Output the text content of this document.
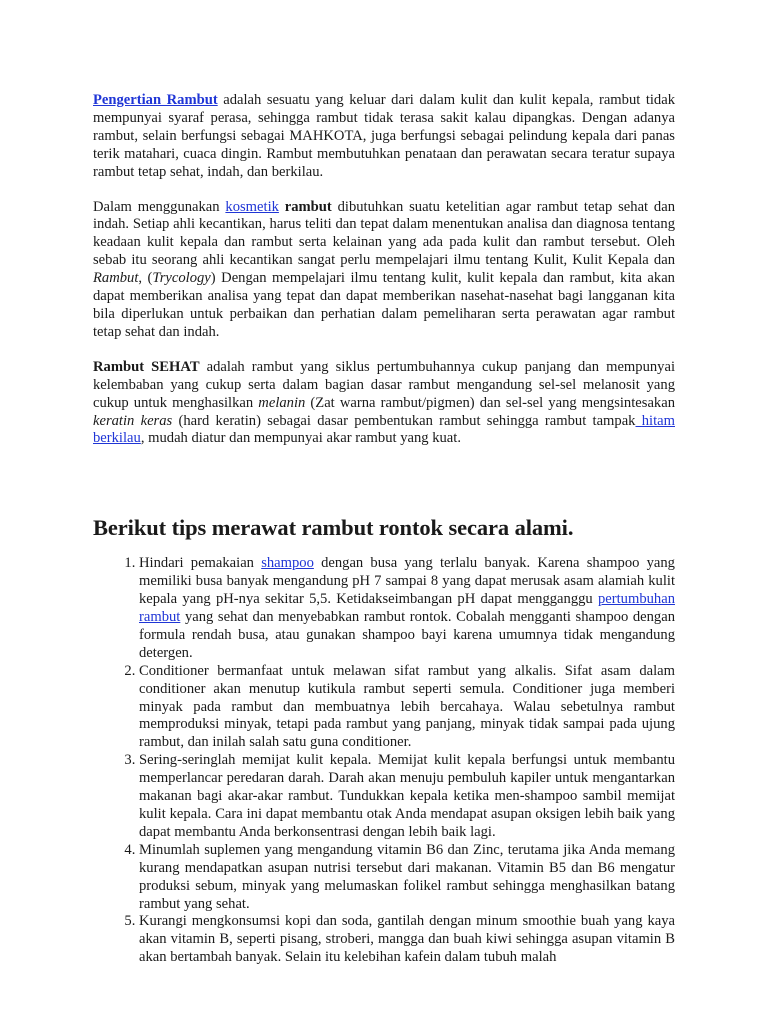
Pengertian Rambut adalah sesuatu yang keluar dari dalam kulit dan kulit kepala, rambut tidak mempunyai syaraf perasa, sehingga rambut tidak terasa sakit kalau dipangkas. Dengan adanya rambut, selain berfungsi sebagai MAHKOTA, juga berfungsi sebagai pelindung kepala dari panas terik matahari, cuaca dingin. Rambut membutuhkan penataan dan perawatan secara teratur supaya rambut tetap sehat, indah, dan berkilau.

Dalam menggunakan kosmetik rambut dibutuhkan suatu ketelitian agar rambut tetap sehat dan indah. Setiap ahli kecantikan, harus teliti dan tepat dalam menentukan analisa dan diagnosa tentang keadaan kulit kepala dan rambut serta kelainan yang ada pada kulit dan rambut tersebut. Oleh sebab itu seorang ahli kecantikan sangat perlu mempelajari ilmu tentang Kulit, Kulit Kepala dan Rambut, (Trycology) Dengan mempelajari ilmu tentang kulit, kulit kepala dan rambut, kita akan dapat memberikan analisa yang tepat dan dapat memberikan nasehat-nasehat bagi langganan kita bila diperlukan untuk perbaikan dan perhatian dalam pemeliharan serta perawatan agar rambut tetap sehat dan indah.

Rambut SEHAT adalah rambut yang siklus pertumbuhannya cukup panjang dan mempunyai kelembaban yang cukup serta dalam bagian dasar rambut mengandung sel-sel melanosit yang cukup untuk menghasilkan melanin (Zat warna rambut/pigmen) dan sel-sel yang mengsintesakan keratin keras (hard keratin) sebagai dasar pembentukan rambut sehingga rambut tampak hitam berkilau, mudah diatur dan mempunyai akar rambut yang kuat.

Berikut tips merawat rambut rontok secara alami.
1. Hindari pemakaian shampoo dengan busa yang terlalu banyak. Karena shampoo yang memiliki busa banyak mengandung pH 7 sampai 8 yang dapat merusak asam alamiah kulit kepala yang pH-nya sekitar 5,5. Ketidakseimbangan pH dapat mengganggu pertumbuhan rambut yang sehat dan menyebabkan rambut rontok. Cobalah mengganti shampoo dengan formula rendah busa, atau gunakan shampoo bayi karena umumnya tidak mengandung detergen.
2. Conditioner bermanfaat untuk melawan sifat rambut yang alkalis. Sifat asam dalam conditioner akan menutup kutikula rambut seperti semula. Conditioner juga memberi minyak pada rambut dan membuatnya lebih bercahaya. Walau sebetulnya rambut memproduksi minyak, tetapi pada rambut yang panjang, minyak tidak sampai pada ujung rambut, dan inilah salah satu guna conditioner.
3. Sering-seringlah memijat kulit kepala. Memijat kulit kepala berfungsi untuk membantu memperlancar peredaran darah. Darah akan menuju pembuluh kapiler untuk mengantarkan makanan bagi akar-akar rambut. Tundukkan kepala ketika men-shampoo sambil memijat kulit kepala. Cara ini dapat membantu otak Anda mendapat asupan oksigen lebih baik yang dapat membantu Anda berkonsentrasi dengan lebih baik lagi.
4. Minumlah suplemen yang mengandung vitamin B6 dan Zinc, terutama jika Anda memang kurang mendapatkan asupan nutrisi tersebut dari makanan. Vitamin B5 dan B6 mengatur produksi sebum, minyak yang melumaskan folikel rambut sehingga menghasilkan batang rambut yang sehat.
5. Kurangi mengkonsumsi kopi dan soda, gantilah dengan minum smoothie buah yang kaya akan vitamin B, seperti pisang, stroberi, mangga dan buah kiwi sehingga asupan vitamin B akan bertambah banyak. Selain itu kelebihan kafein dalam tubuh malah
